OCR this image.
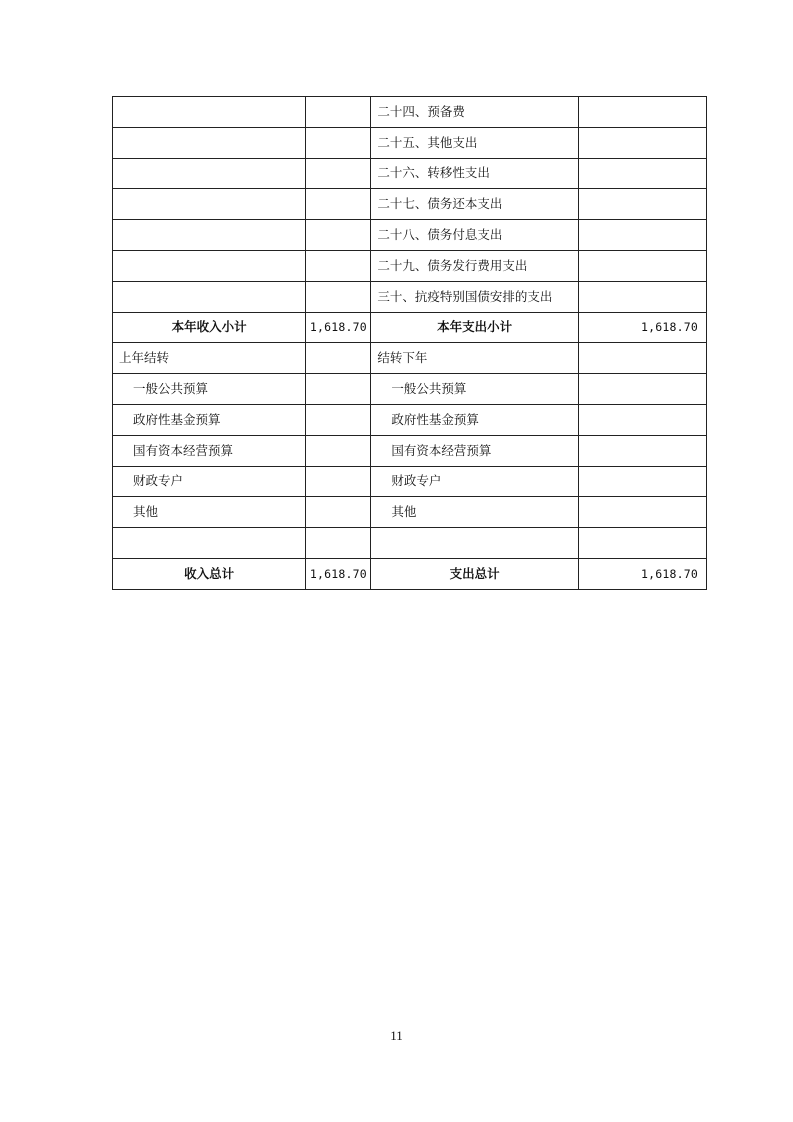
		二十四、预备费	
		二十五、其他支出	
		二十六、转移性支出	
		二十七、债务还本支出	
		二十八、债务付息支出	
		二十九、债务发行费用支出	
		三十、抗疫特别国债安排的支出	
本年收入小计	1,618.70	本年支出小计	1,618.70
上年结转		结转下年	
一般公共预算		一般公共预算	
政府性基金预算		政府性基金预算	
国有资本经营预算		国有资本经营预算	
财政专户		财政专户	
其他		其他	

收入总计	1,618.70	支出总计	1,618.70
11
